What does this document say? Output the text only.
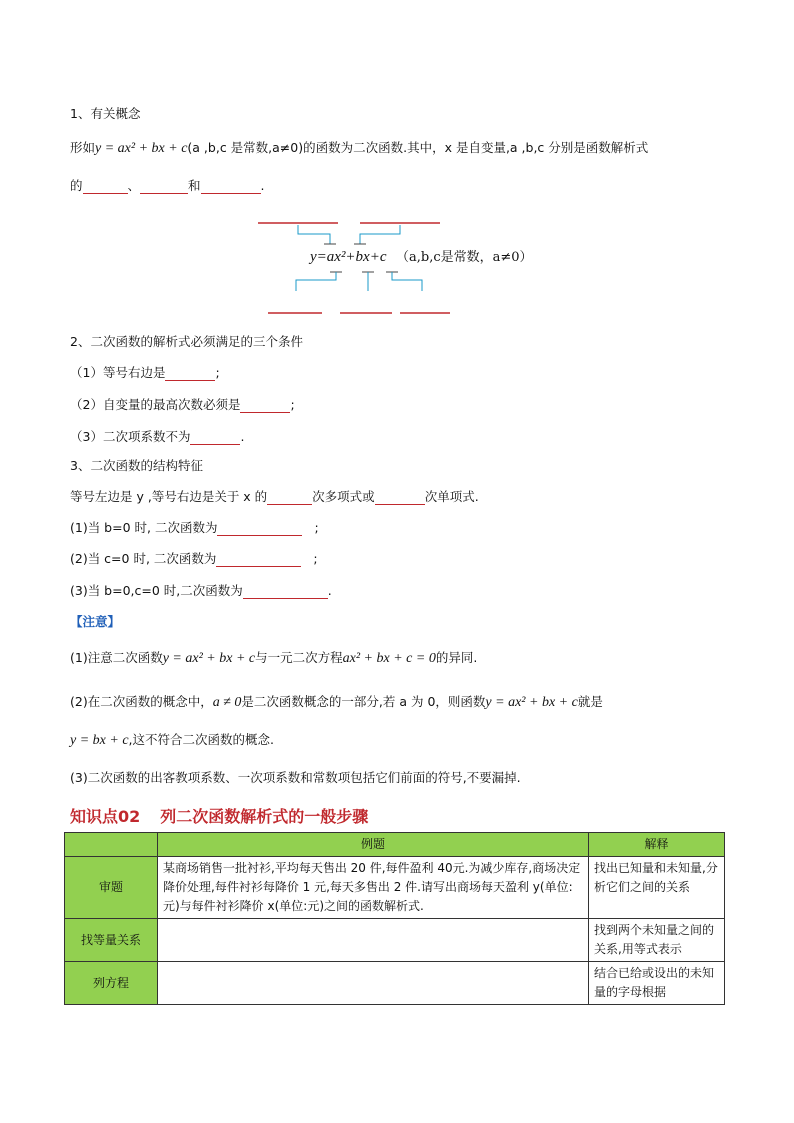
1、有关概念
形如y = ax² + bx + c(a ,b,c 是常数,a≠0)的函数为二次函数.其中，x 是自变量,a ,b,c 分别是函数解析式
的	、	和	.
y=ax²+bx+c （a,b,c是常数，a≠0）
2、二次函数的解析式必须满足的三个条件
（1）等号右边是	;
（2）自变量的最高次数必须是	;
（3）二次项系数不为	.
3、二次函数的结构特征
等号左边是 y ,等号右边是关于 x 的	次多项式或	次单项式.
(1)当 b=0 时, 二次函数为	;
(2)当 c=0 时, 二次函数为	;
(3)当 b=0,c=0 时,二次函数为	.
【注意】
(1)注意二次函数y = ax² + bx + c与一元二次方程ax² + bx + c = 0的异同.
(2)在二次函数的概念中，a ≠ 0是二次函数概念的一部分,若 a 为 0，则函数y = ax² + bx + c就是
y = bx + c,这不符合二次函数的概念.
(3)二次函数的出客教项系数、一次项系数和常数项包括它们前面的符号,不要漏掉.
知识点02 列二次函数解析式的一般步骤
	例题	解释
审题	某商场销售一批衬衫,平均每天售出 20 件,每件盈利 40元.为减少库存,商场决定降价处理,每件衬衫每降价 1 元,每天多售出 2 件.请写出商场每天盈利 y(单位:元)与每件衬衫降价 x(单位:元)之间的函数解析式.	找出已知量和未知量,分析它们之间的关系
找等量关系		找到两个未知量之间的关系,用等式表示
列方程		结合已给或设出的未知量的字母根据
